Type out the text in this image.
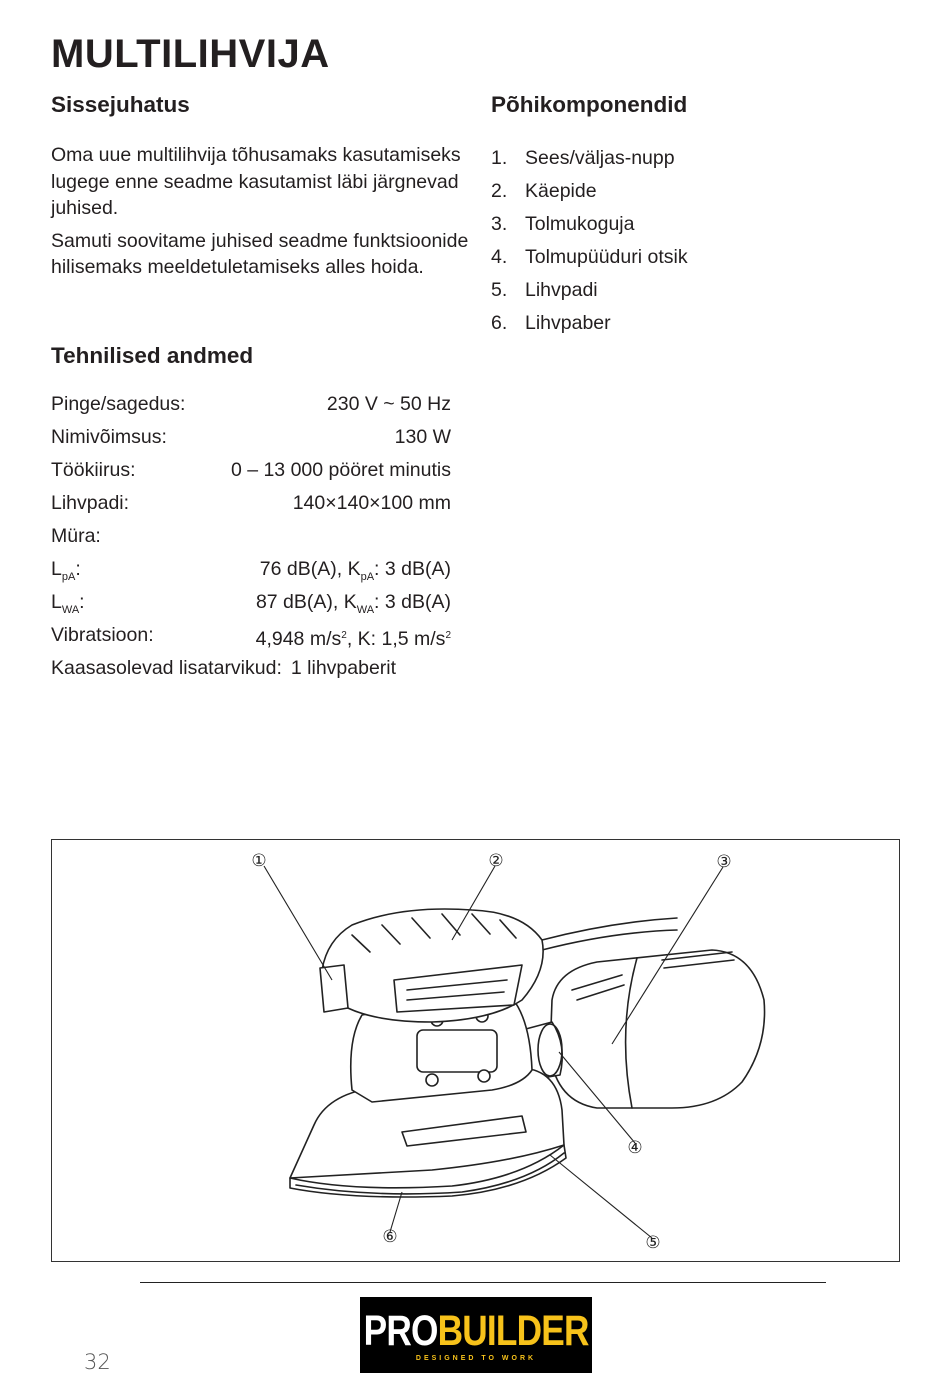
MULTILIHVIJA
Sissejuhatus

Oma uue multilihvija tõhusamaks kasutamiseks lugege enne seadme kasutamist läbi järgnevad juhised.

Samuti soovitame juhised seadme funktsioonide hilisemaks meeldetuletamiseks alles hoida.

Põhikomponendid
1. Sees/väljas-nupp
2. Käepide
3. Tolmukoguja
4. Tolmupüüduri otsik
5. Lihvpadi
6. Lihvpaber
Tehnilised andmed
Pinge/sagedus:	230 V ~ 50 Hz
Nimivõimsus:	130 W
Töökiirus:	0 – 13 000 pööret minutis
Lihvpadi:	140×140×100 mm
Müra:
$L_{pA}$:	76 dB(A), $K_{pA}$: 3 dB(A)
$L_{WA}$:	87 dB(A), $K_{WA}$: 3 dB(A)
Vibratsioon:	4,948 $m/s^2$, K: 1,5 $m/s^2$
Kaasasolevad lisatarvikud: 1 lihvpaberit
①	②	③
④
⑤
⑥
PROBUILDER
DESIGNED TO WORK
32
